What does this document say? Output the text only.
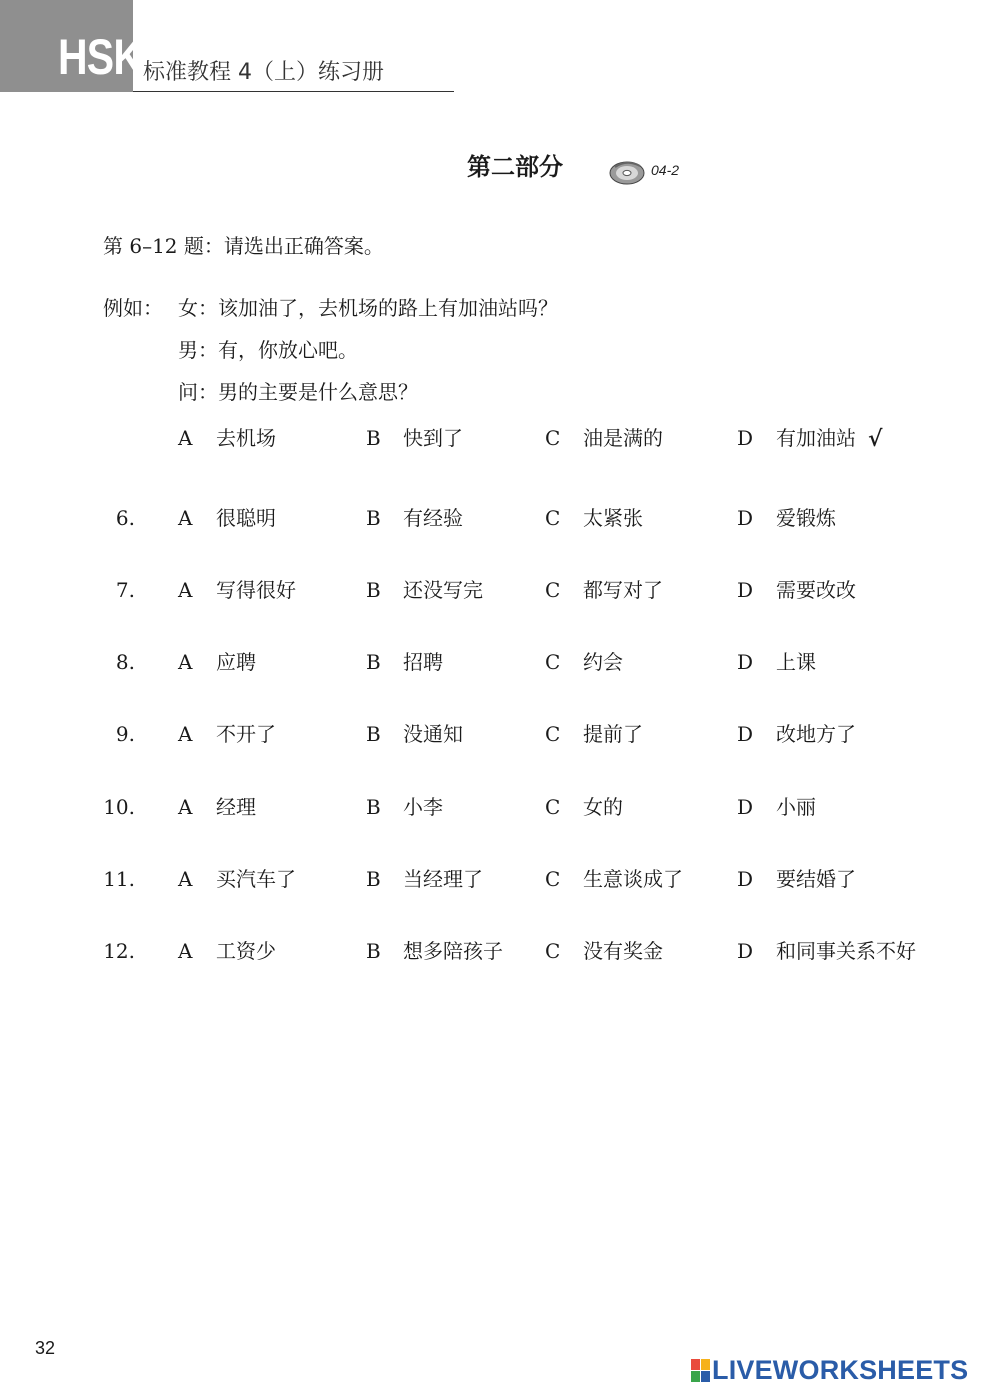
HSK 标准教程 4（上）练习册
第二部分	04-2
第 6–12 题：请选出正确答案。
例如： 女：该加油了，去机场的路上有加油站吗？
男：有，你放心吧。
问：男的主要是什么意思？
A 去机场	B 快到了	C 油是满的	D 有加油站 √
6. A 很聪明	B 有经验	C 太紧张	D 爱锻炼
7. A 写得很好	B 还没写完	C 都写对了	D 需要改改
8. A 应聘	B 招聘	C 约会	D 上课
9. A 不开了	B 没通知	C 提前了	D 改地方了
10. A 经理	B 小李	C 女的	D 小丽
11. A 买汽车了	B 当经理了	C 生意谈成了	D 要结婚了
12. A 工资少	B 想多陪孩子 C 没有奖金	D 和同事关系不好
32
LIVEWORKSHEETS
